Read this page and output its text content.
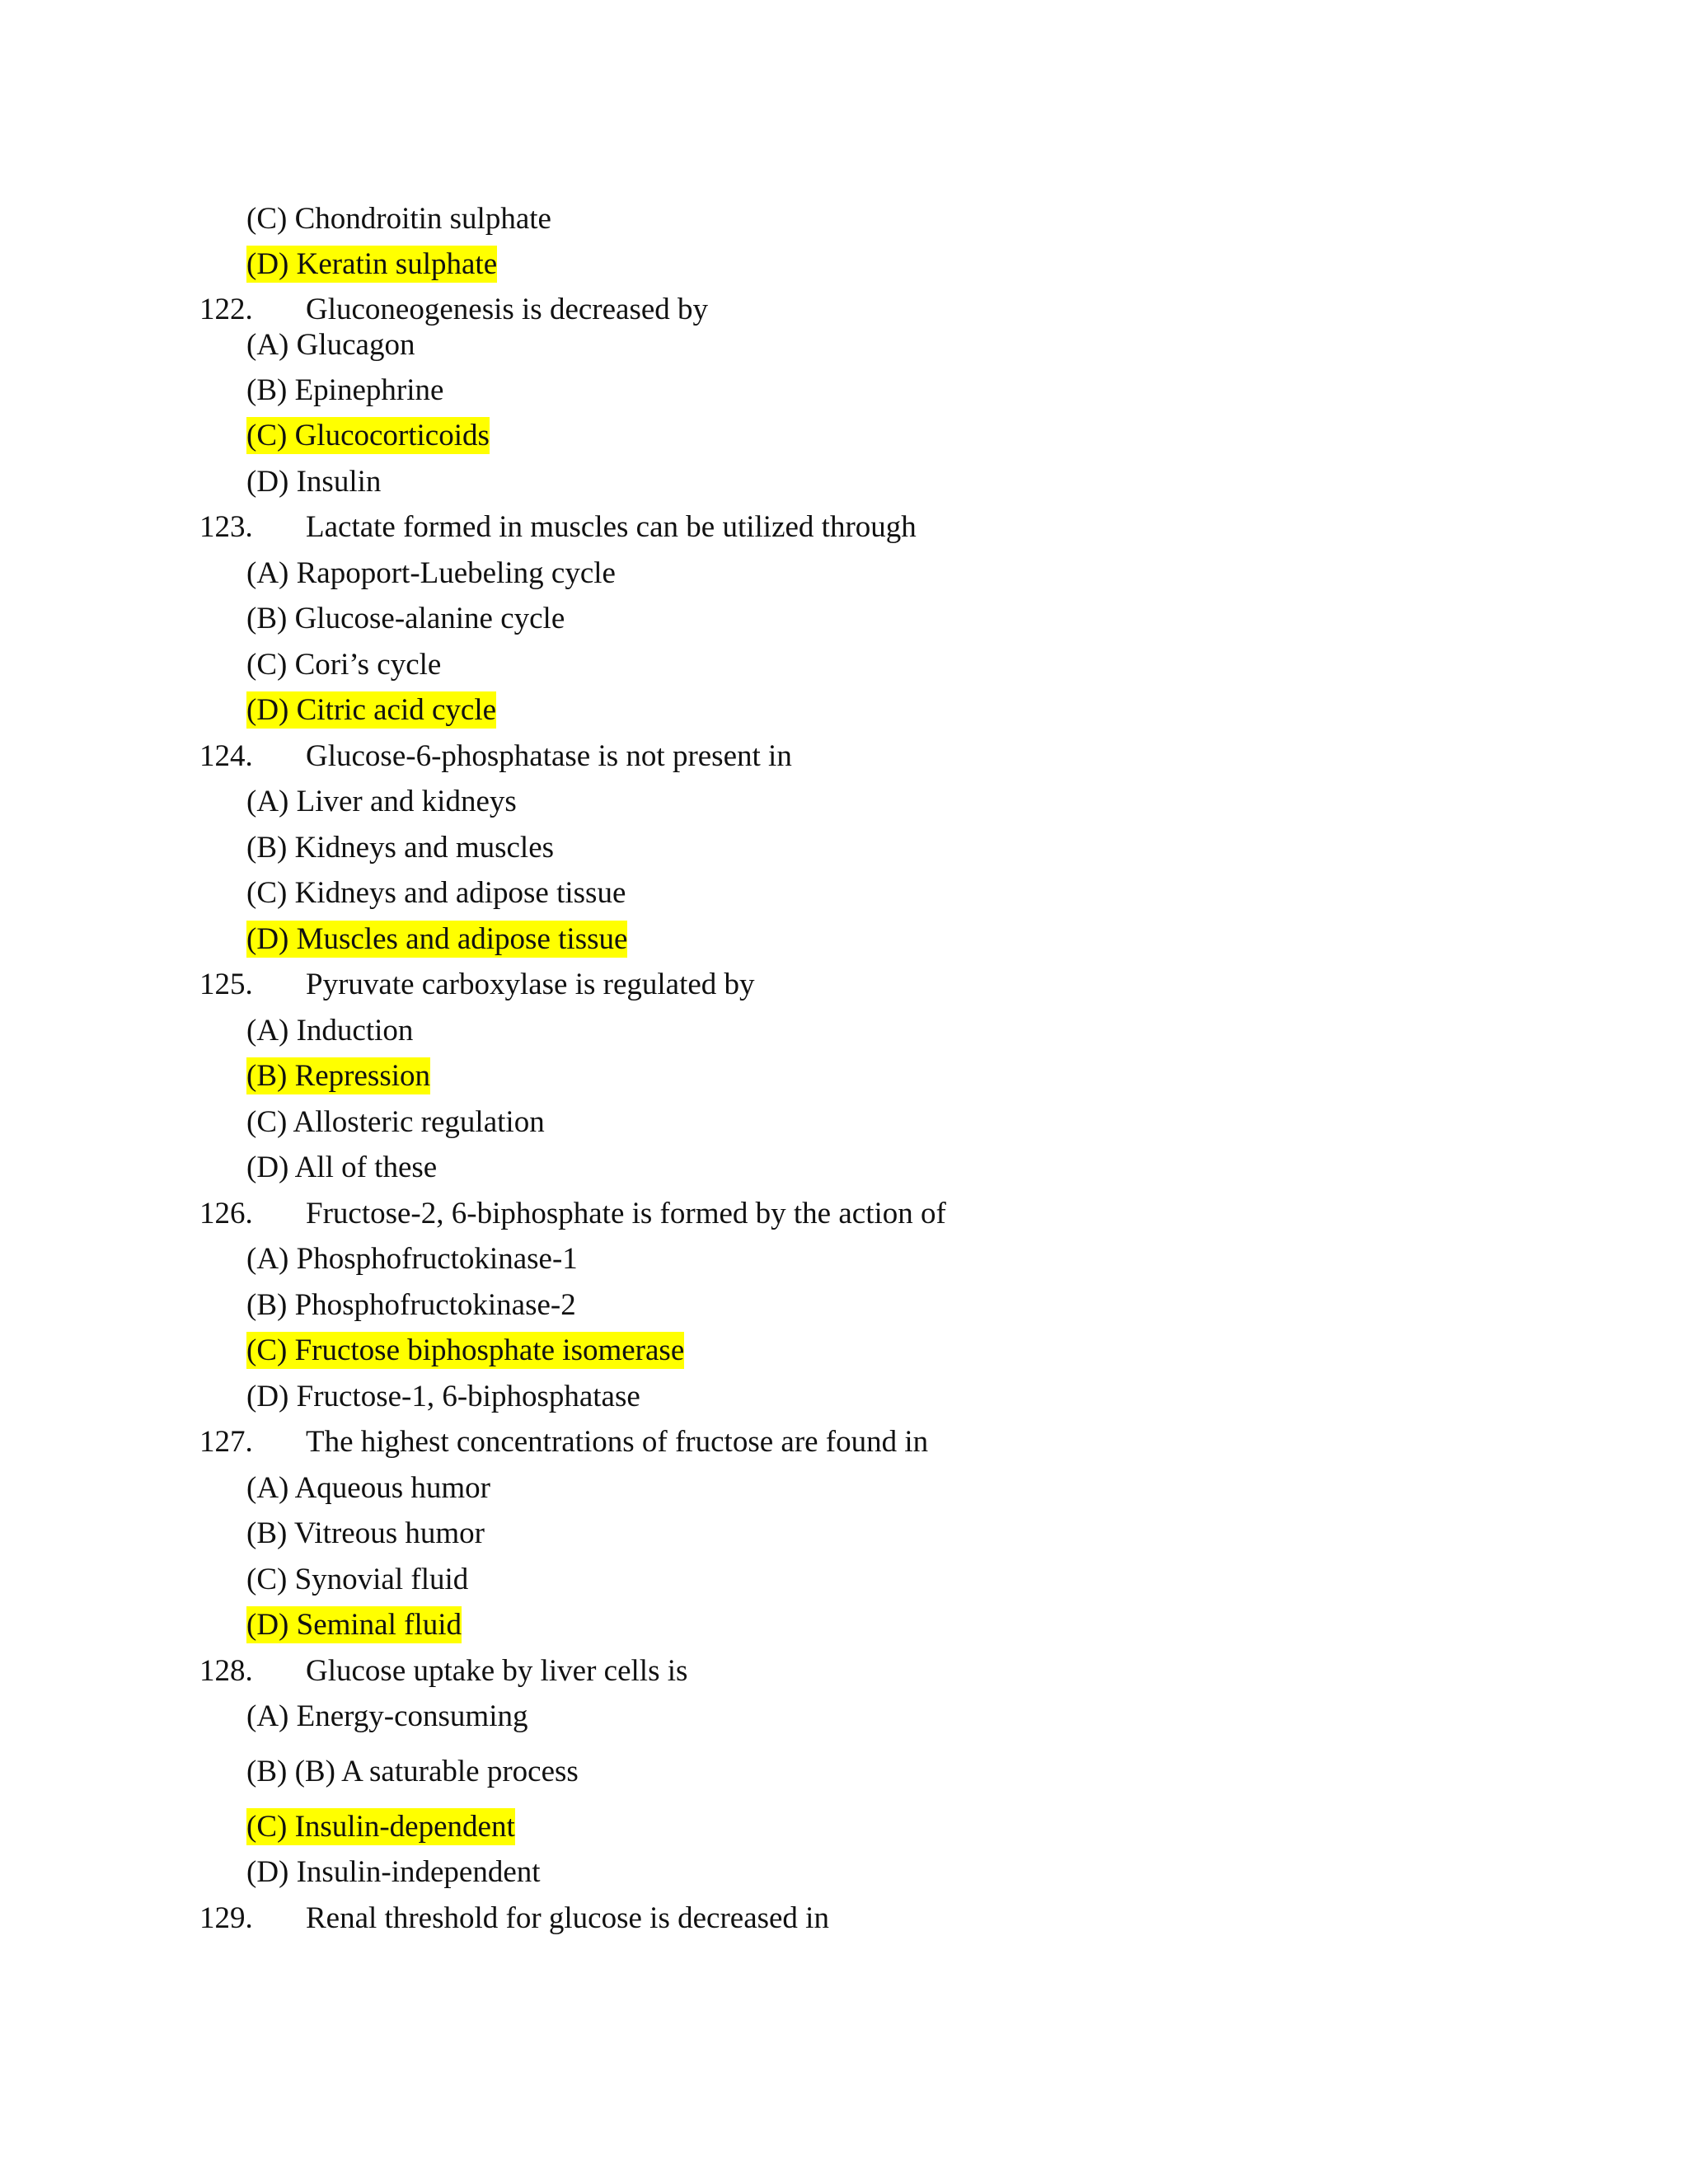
(C) Chondroitin sulphate
(D) Keratin sulphate
122. Gluconeogenesis is decreased by
(A) Glucagon
(B) Epinephrine
(C) Glucocorticoids
(D) Insulin
123. Lactate formed in muscles can be utilized through
(A) Rapoport-Luebeling cycle
(B) Glucose-alanine cycle
(C) Cori’s cycle
(D) Citric acid cycle
124. Glucose-6-phosphatase is not present in
(A) Liver and kidneys
(B) Kidneys and muscles
(C) Kidneys and adipose tissue
(D) Muscles and adipose tissue
125. Pyruvate carboxylase is regulated by
(A) Induction
(B) Repression
(C) Allosteric regulation
(D) All of these
126. Fructose-2, 6-biphosphate is formed by the action of
(A) Phosphofructokinase-1
(B) Phosphofructokinase-2
(C) Fructose biphosphate isomerase
(D) Fructose-1, 6-biphosphatase
127. The highest concentrations of fructose are found in
(A) Aqueous humor
(B) Vitreous humor
(C) Synovial fluid
(D) Seminal fluid
128. Glucose uptake by liver cells is
(A) Energy-consuming
(B) (B) A saturable process
(C) Insulin-dependent
(D) Insulin-independent
129. Renal threshold for glucose is decreased in
